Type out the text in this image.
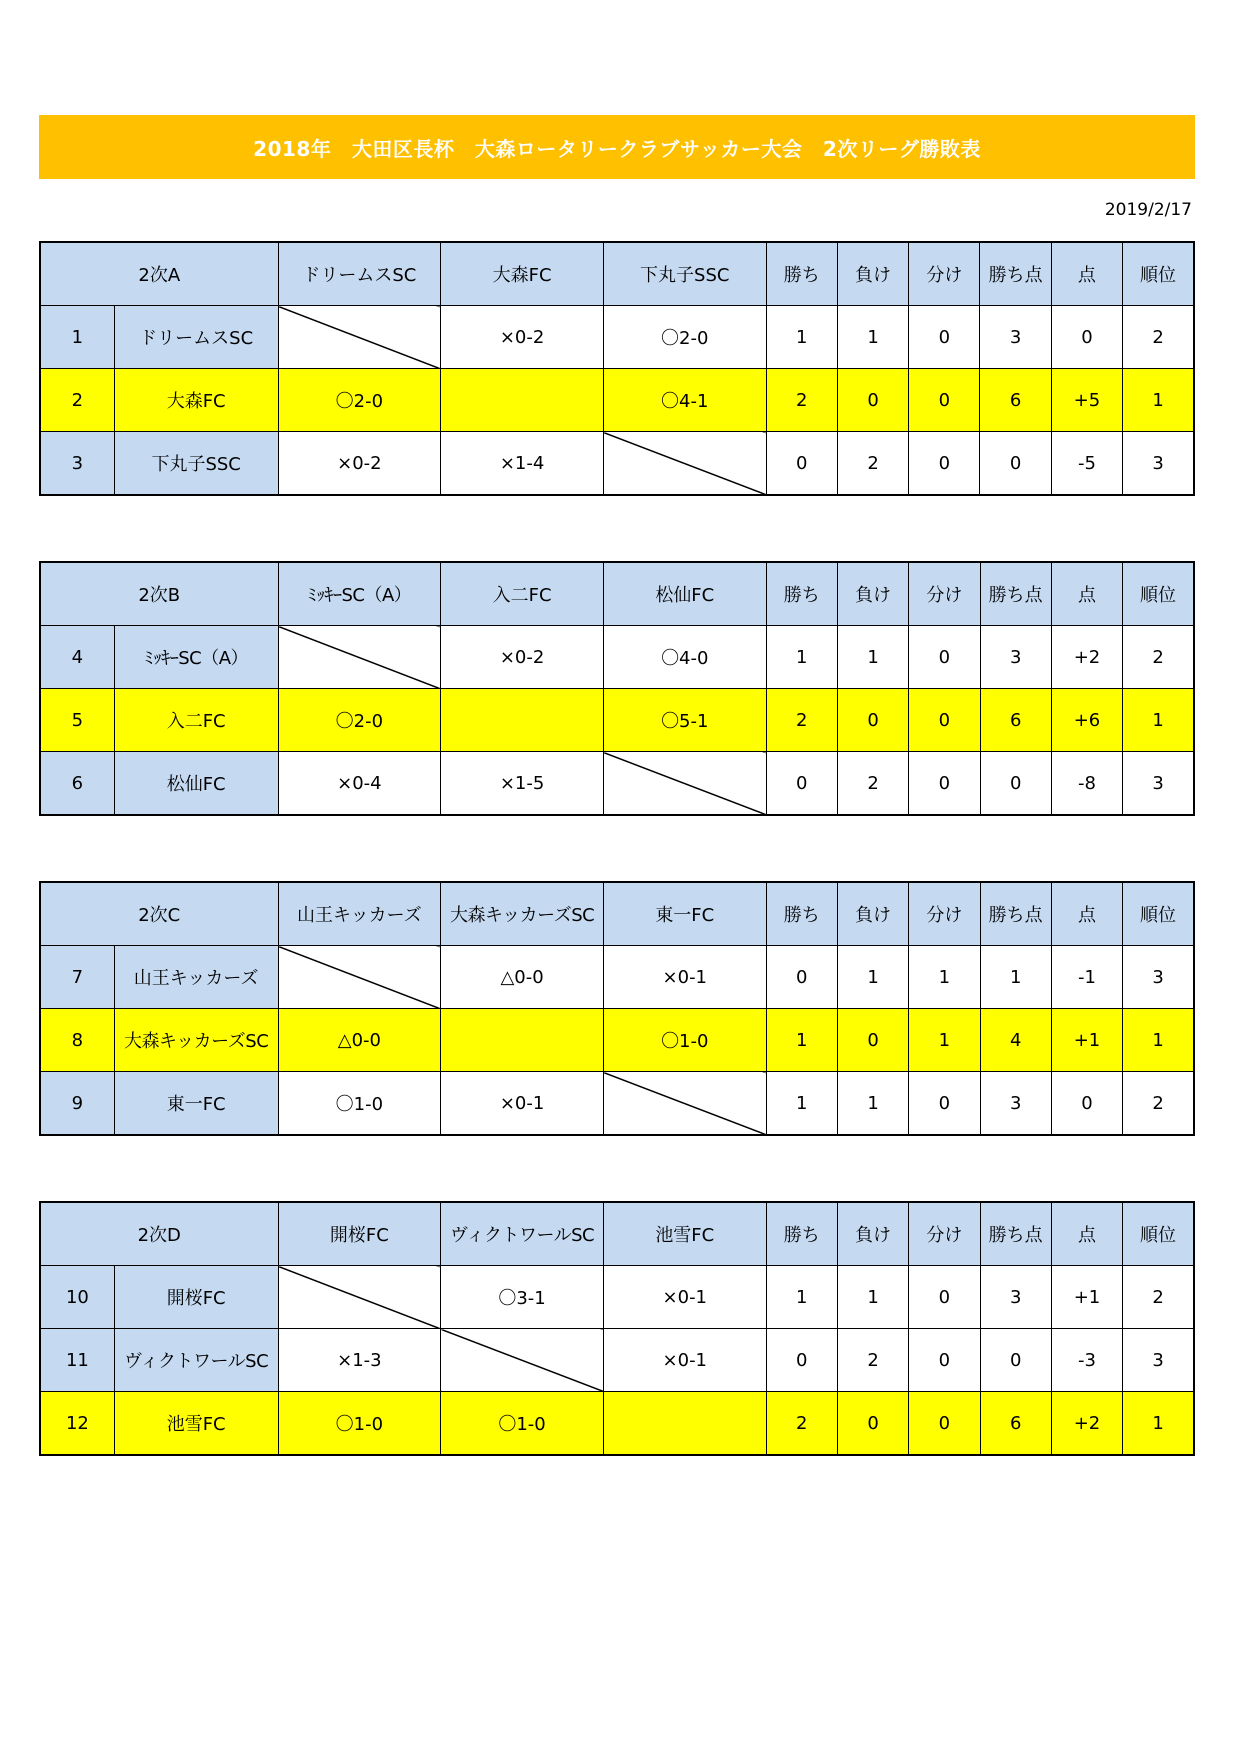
2018年　大田区長杯　大森ロータリークラブサッカー大会　2次リーグ勝敗表
2019/2/17
2次A		ドリームスSC	大森FC	下丸子SSC	勝ち	負け	分け	勝ち点	点	順位
1	ドリームスSC		×0-2	〇2-0	1	1	0	3	0	2
2	大森FC	〇2-0		〇4-1	2	0	0	6	+5	1
3	下丸子SSC	×0-2	×1-4		0	2	0	0	-5	3
2次B		ﾐｯｷｰSC（A）	入二FC	松仙FC	勝ち	負け	分け	勝ち点	点	順位
4	ﾐｯｷｰSC（A）		×0-2	〇4-0	1	1	0	3	+2	2
5	入二FC	〇2-0		〇5-1	2	0	0	6	+6	1
6	松仙FC	×0-4	×1-5		0	2	0	0	-8	3
2次C		山王キッカーズ	大森キッカーズSC	東一FC	勝ち	負け	分け	勝ち点	点	順位
7	山王キッカーズ		△0-0	×0-1	0	1	1	1	-1	3
8	大森キッカーズSC	△0-0		〇1-0	1	0	1	4	+1	1
9	東一FC	〇1-0	×0-1		1	1	0	3	0	2
2次D		開桜FC	ヴィクトワールSC	池雪FC	勝ち	負け	分け	勝ち点	点	順位
10	開桜FC		〇3-1	×0-1	1	1	0	3	+1	2
11	ヴィクトワールSC	×1-3		×0-1	0	2	0	0	-3	3
12	池雪FC	〇1-0	〇1-0		2	0	0	6	+2	1
